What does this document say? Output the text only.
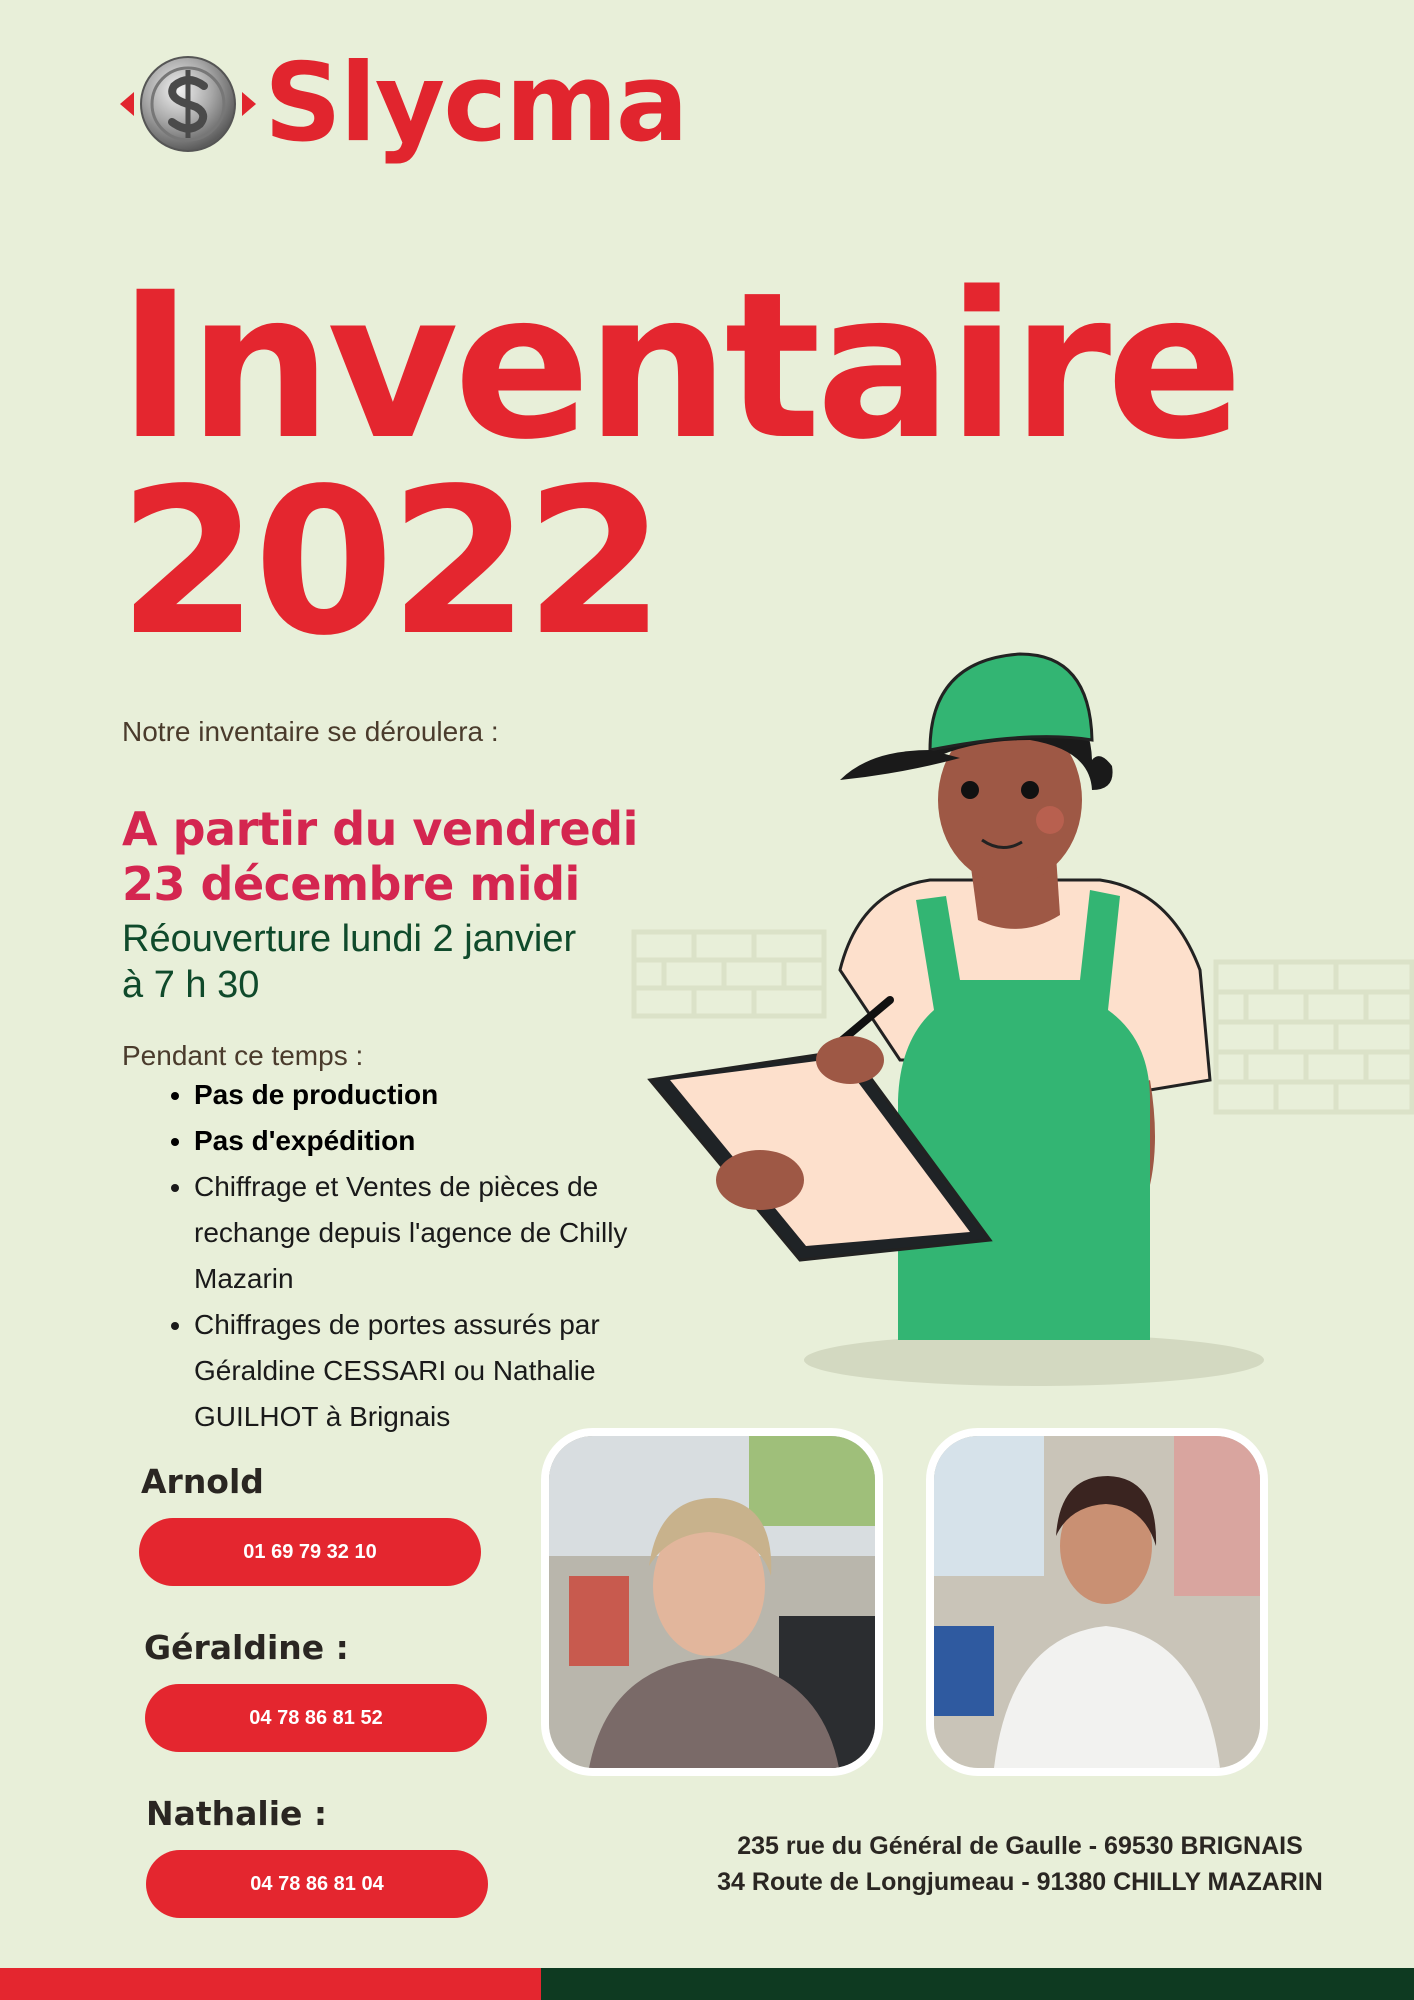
Slycma
Inventaire
2022
Notre inventaire se déroulera :
A partir du vendredi
23 décembre midi
Réouverture lundi 2 janvier
à 7 h 30
Pendant ce temps :
• Pas de production
• Pas d'expédition
• Chiffrage et Ventes de pièces de rechange depuis l'agence de Chilly Mazarin
• Chiffrages de portes assurés par Géraldine CESSARI ou Nathalie GUILHOT à Brignais
Arnold
01 69 79 32 10
Géraldine :
04 78 86 81 52
Nathalie :
04 78 86 81 04
235 rue du Général de Gaulle - 69530 BRIGNAIS
34 Route de Longjumeau - 91380 CHILLY MAZARIN
